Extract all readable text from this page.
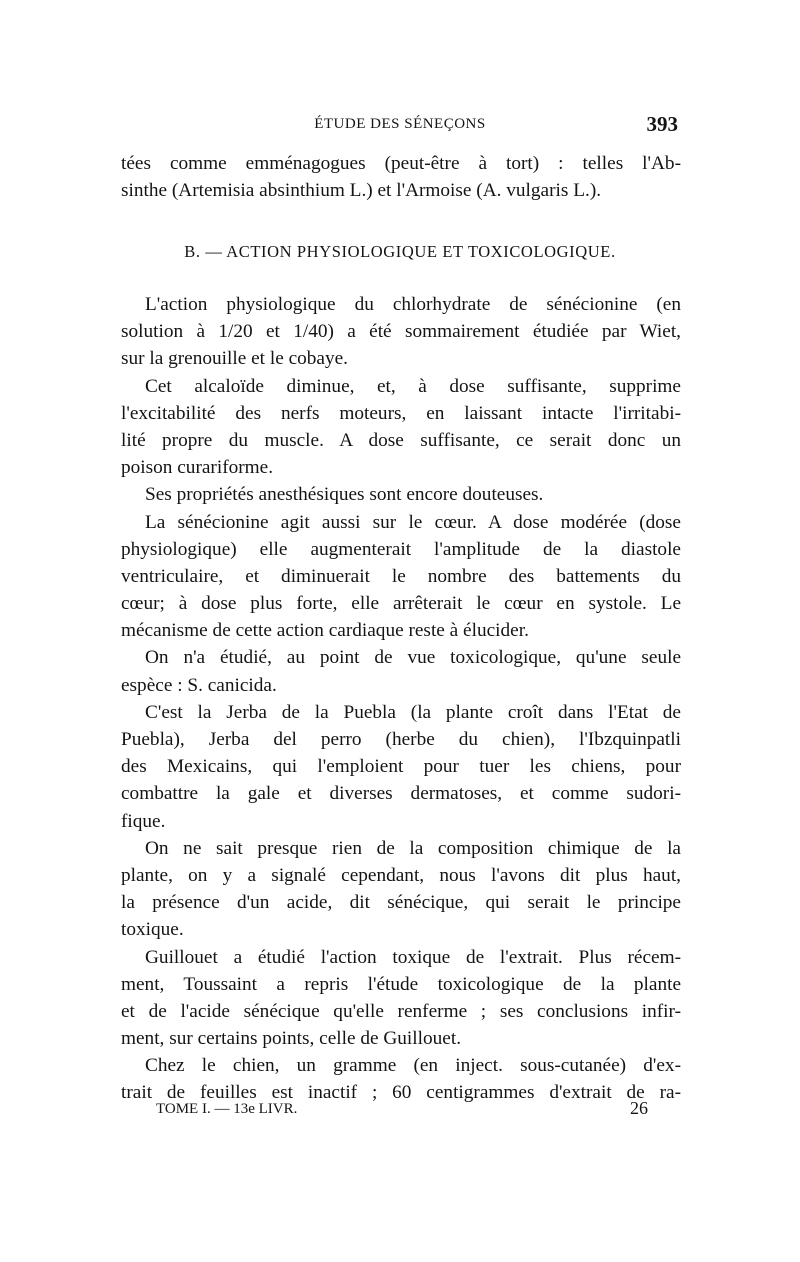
ÉTUDE DES SÉNEÇONS	393
tées comme emménagogues (peut-être à tort) : telles l'Ab-
sinthe (Artemisia absinthium L.) et l'Armoise (A. vulgaris L.).
B. — ACTION PHYSIOLOGIQUE ET TOXICOLOGIQUE.
L'action physiologique du chlorhydrate de sénécionine (en
solution à 1/20 et 1/40) a été sommairement étudiée par Wiet,
sur la grenouille et le cobaye.
Cet alcaloïde diminue, et, à dose suffisante, supprime
l'excitabilité des nerfs moteurs, en laissant intacte l'irritabi-
lité propre du muscle. A dose suffisante, ce serait donc un
poison curariforme.
Ses propriétés anesthésiques sont encore douteuses.
La sénécionine agit aussi sur le cœur. A dose modérée (dose
physiologique) elle augmenterait l'amplitude de la diastole
ventriculaire, et diminuerait le nombre des battements du
cœur; à dose plus forte, elle arrêterait le cœur en systole. Le
mécanisme de cette action cardiaque reste à élucider.
On n'a étudié, au point de vue toxicologique, qu'une seule
espèce : S. canicida.
C'est la Jerba de la Puebla (la plante croît dans l'Etat de
Puebla), Jerba del perro (herbe du chien), l'Ibzquinpatli
des Mexicains, qui l'emploient pour tuer les chiens, pour
combattre la gale et diverses dermatoses, et comme sudori-
fique.
On ne sait presque rien de la composition chimique de la
plante, on y a signalé cependant, nous l'avons dit plus haut,
la présence d'un acide, dit sénécique, qui serait le principe
toxique.
Guillouet a étudié l'action toxique de l'extrait. Plus récem-
ment, Toussaint a repris l'étude toxicologique de la plante
et de l'acide sénécique qu'elle renferme ; ses conclusions infir-
ment, sur certains points, celle de Guillouet.
Chez le chien, un gramme (en inject. sous-cutanée) d'ex-
trait de feuilles est inactif ; 60 centigrammes d'extrait de ra-
TOME I. — 13e LIVR.	26
